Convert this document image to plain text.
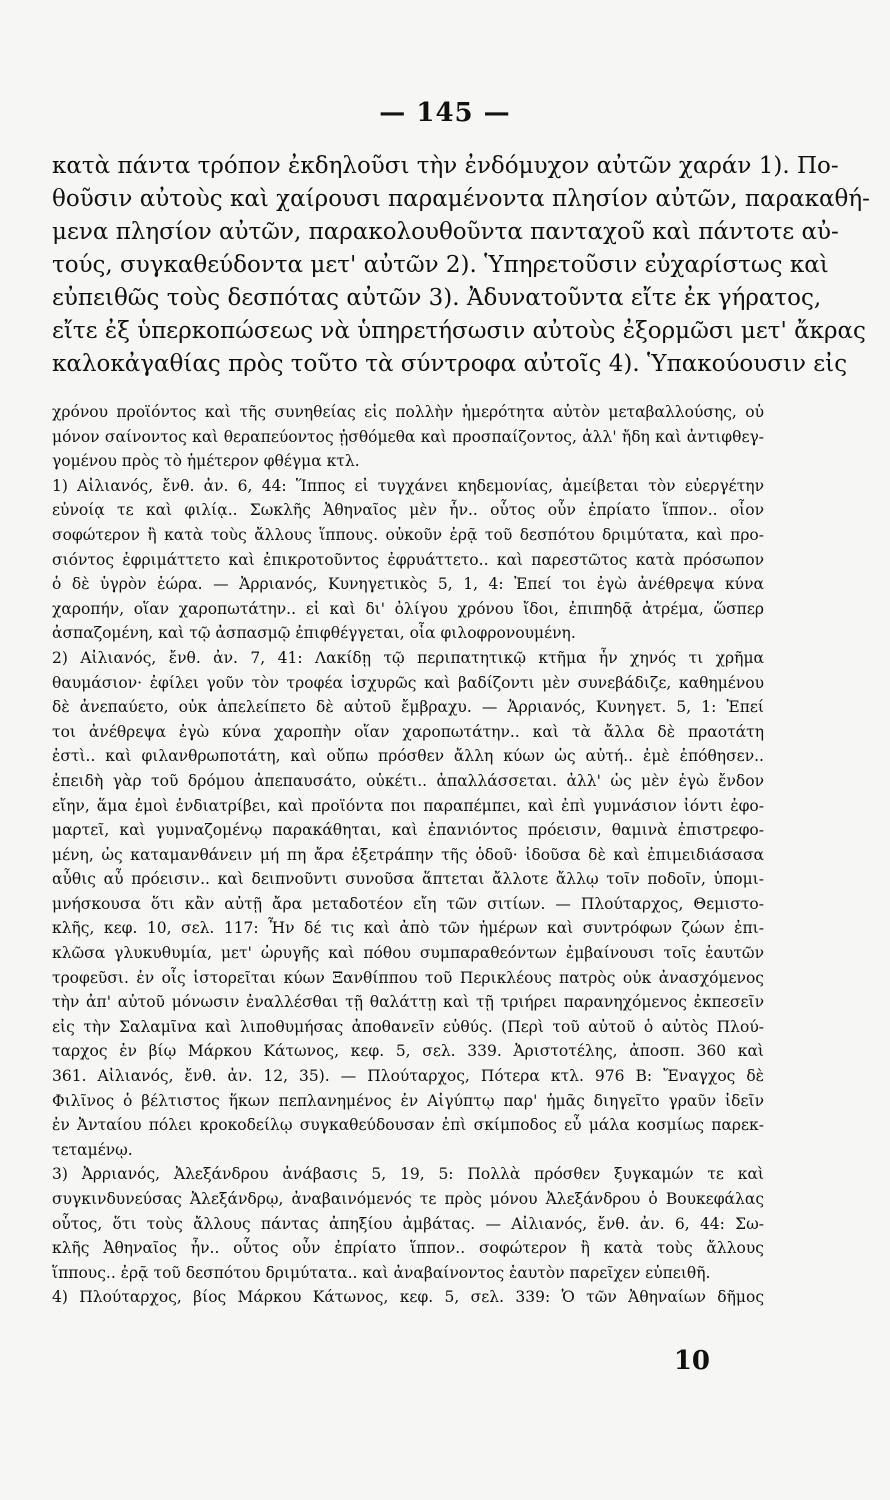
— 145 —
κατὰ πάντα τρόπον ἐκδηλοῦσι τὴν ἐνδόμυχον αὐτῶν χαράν 1). Πο-
θοῦσιν αὐτοὺς καὶ χαίρουσι παραμένοντα πλησίον αὐτῶν, παρακαθή-
μενα πλησίον αὐτῶν, παρακολουθοῦντα πανταχοῦ καὶ πάντοτε αὐ-
τούς, συγκαθεύδοντα μετ' αὐτῶν 2). Ὑπηρετοῦσιν εὐχαρίστως καὶ
εὐπειθῶς τοὺς δεσπότας αὐτῶν 3). Ἀδυνατοῦντα εἴτε ἐκ γήρατος,
εἴτε ἐξ ὑπερκοπώσεως νὰ ὑπηρετήσωσιν αὐτοὺς ἐξορμῶσι μετ' ἄκρας
καλοκἀγαθίας πρὸς τοῦτο τὰ σύντροφα αὐτοῖς 4). Ὑπακούουσιν εἰς
χρόνου προϊόντος καὶ τῆς συνηθείας εἰς πολλὴν ἡμερότητα αὐτὸν μεταβαλλούσης, οὐ
μόνον σαίνοντος καὶ θεραπεύοντος ᾐσθόμεθα καὶ προσπαίζοντος, ἀλλ' ἤδη καὶ ἀντιφθεγ-
γομένου πρὸς τὸ ἡμέτερον φθέγμα κτλ.
1) Αἰλιανός, ἔνθ. ἀν. 6, 44: Ἵππος εἰ τυγχάνει κηδεμονίας, ἀμείβεται τὸν εὐεργέτην
εὐνοίᾳ τε καὶ φιλίᾳ.. Σωκλῆς Ἀθηναῖος μὲν ἦν.. οὗτος οὖν ἐπρίατο ἵππον.. οἷον
σοφώτερον ἢ κατὰ τοὺς ἄλλους ἵππους. οὐκοῦν ἐρᾷ τοῦ δεσπότου δριμύτατα, καὶ προ-
σιόντος ἐφριμάττετο καὶ ἐπικροτοῦντος ἐφρυάττετο.. καὶ παρεστῶτος κατὰ πρόσωπον
ὁ δὲ ὑγρὸν ἑώρα. — Ἀρριανός, Κυνηγετικὸς 5, 1, 4: Ἐπεί τοι ἐγὼ ἀνέθρεψα κύνα
χαροπήν, οἵαν χαροπωτάτην.. εἰ καὶ δι' ὀλίγου χρόνου ἴδοι, ἐπιπηδᾷ ἀτρέμα, ὥσπερ
ἀσπαζομένη, καὶ τῷ ἀσπασμῷ ἐπιφθέγγεται, οἷα φιλοφρονουμένη.
2) Αἰλιανός, ἔνθ. ἀν. 7, 41: Λακίδῃ τῷ περιπατητικῷ κτῆμα ἦν χηνός τι χρῆμα
θαυμάσιον· ἐφίλει γοῦν τὸν τροφέα ἰσχυρῶς καὶ βαδίζοντι μὲν συνεβάδιζε, καθημένου
δὲ ἀνεπαύετο, οὐκ ἀπελείπετο δὲ αὐτοῦ ἔμβραχυ. — Ἀρριανός, Κυνηγετ. 5, 1: Ἐπεί
τοι ἀνέθρεψα ἐγὼ κύνα χαροπὴν οἵαν χαροπωτάτην.. καὶ τὰ ἄλλα δὲ πραοτάτη
ἐστὶ.. καὶ φιλανθρωποτάτη, καὶ οὔπω πρόσθεν ἄλλη κύων ὡς αὐτή.. ἐμὲ ἐπόθησεν..
ἐπειδὴ γὰρ τοῦ δρόμου ἀπεπαυσάτο, οὐκέτι.. ἀπαλλάσσεται. ἀλλ' ὡς μὲν ἐγὼ ἔνδον
εἴην, ἅμα ἐμοὶ ἐνδιατρίβει, καὶ προϊόντα ποι παραπέμπει, καὶ ἐπὶ γυμνάσιον ἰόντι ἐφο-
μαρτεῖ, καὶ γυμναζομένῳ παρακάθηται, καὶ ἐπανιόντος πρόεισιν, θαμινὰ ἐπιστρεφο-
μένη, ὡς καταμανθάνειν μή πη ἄρα ἐξετράπην τῆς ὁδοῦ· ἰδοῦσα δὲ καὶ ἐπιμειδιάσασα
αὖθις αὖ πρόεισιν.. καὶ δειπνοῦντι συνοῦσα ἅπτεται ἄλλοτε ἄλλῳ τοῖν ποδοῖν, ὑπομι-
μνήσκουσα ὅτι κἂν αὐτῇ ἄρα μεταδοτέον εἴη τῶν σιτίων. — Πλούταρχος, Θεμιστο-
κλῆς, κεφ. 10, σελ. 117: Ἦν δέ τις καὶ ἀπὸ τῶν ἡμέρων καὶ συντρόφων ζώων ἐπι-
κλῶσα γλυκυθυμία, μετ' ὠρυγῆς καὶ πόθου συμπαραθεόντων ἐμβαίνουσι τοῖς ἑαυτῶν
τροφεῦσι. ἐν οἷς ἱστορεῖται κύων Ξανθίππου τοῦ Περικλέους πατρὸς οὐκ ἀνασχόμενος
τὴν ἀπ' αὐτοῦ μόνωσιν ἐναλλέσθαι τῇ θαλάττῃ καὶ τῇ τριήρει παρανηχόμενος ἐκπεσεῖν
εἰς τὴν Σαλαμῖνα καὶ λιποθυμήσας ἀποθανεῖν εὐθύς. (Περὶ τοῦ αὐτοῦ ὁ αὐτὸς Πλού-
ταρχος ἐν βίῳ Μάρκου Κάτωνος, κεφ. 5, σελ. 339. Ἀριστοτέλης, ἀποσπ. 360 καὶ
361. Αἰλιανός, ἔνθ. ἀν. 12, 35). — Πλούταρχος, Πότερα κτλ. 976 Β: Ἔναγχος δὲ
Φιλῖνος ὁ βέλτιστος ἥκων πεπλανημένος ἐν Αἰγύπτῳ παρ' ἡμᾶς διηγεῖτο γραῦν ἰδεῖν
ἐν Ἀνταίου πόλει κροκοδείλῳ συγκαθεύδουσαν ἐπὶ σκίμποδος εὖ μάλα κοσμίως παρεκ-
τεταμένῳ.
3) Ἀρριανός, Ἀλεξάνδρου ἀνάβασις 5, 19, 5: Πολλὰ πρόσθεν ξυγκαμών τε καὶ
συγκινδυνεύσας Ἀλεξάνδρῳ, ἀναβαινόμενός τε πρὸς μόνου Ἀλεξάνδρου ὁ Βουκεφάλας
οὗτος, ὅτι τοὺς ἄλλους πάντας ἀπηξίου ἀμβάτας. — Αἰλιανός, ἔνθ. ἀν. 6, 44: Σω-
κλῆς Ἀθηναῖος ἦν.. οὗτος οὖν ἐπρίατο ἵππον.. σοφώτερον ἢ κατὰ τοὺς ἄλλους
ἵππους.. ἐρᾷ τοῦ δεσπότου δριμύτατα.. καὶ ἀναβαίνοντος ἑαυτὸν παρεῖχεν εὐπειθῆ.
4) Πλούταρχος, βίος Μάρκου Κάτωνος, κεφ. 5, σελ. 339: Ὁ τῶν Ἀθηναίων δῆμος
10
